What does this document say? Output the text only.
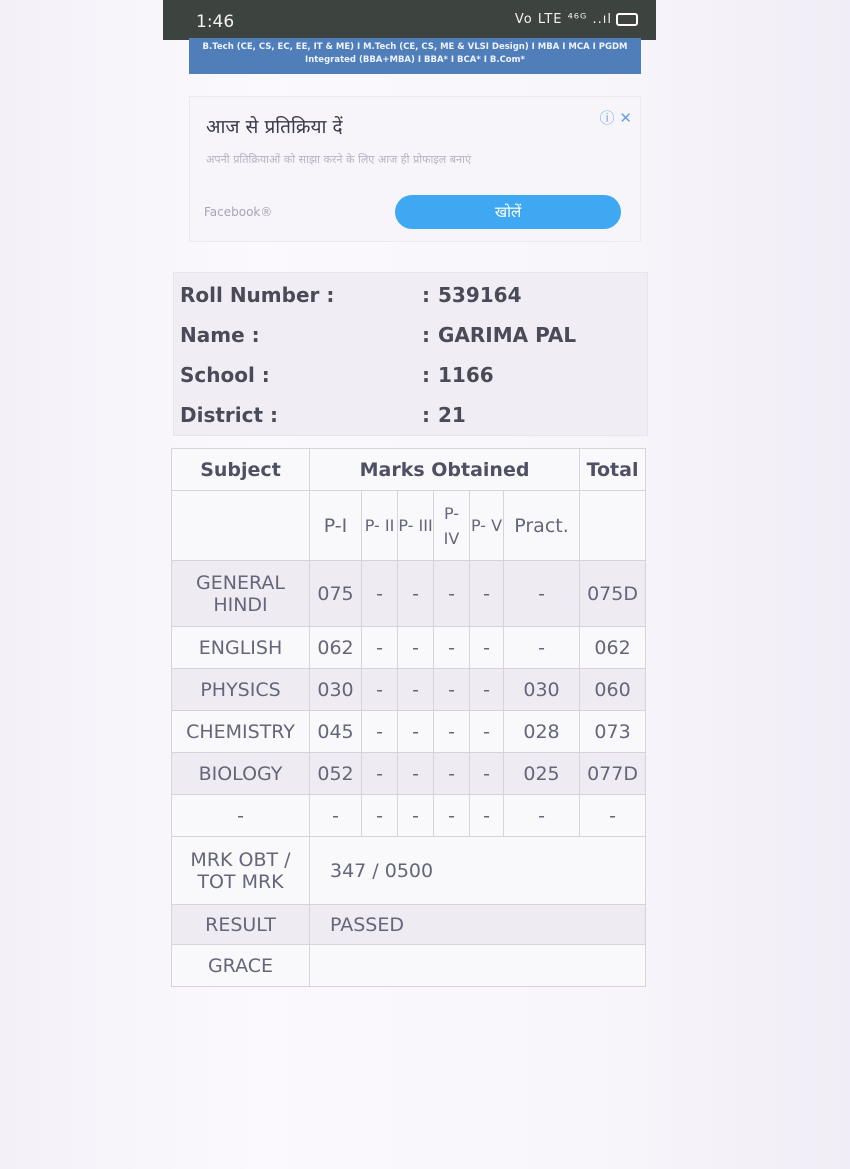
1:46	Vo LTE ⁴⁶ᴳ ..ıl
B.Tech (CE, CS, EC, EE, IT & ME) I M.Tech (CE, CS, ME & VLSI Design) I MBA I MCA I PGDM
Integrated (BBA+MBA) I BBA* I BCA* I B.Com*
आज से प्रतिक्रिया दें	ⓘ ✕
अपनी प्रतिक्रियाओं को साझा करने के लिए आज ही प्रोफाइल बनाएं
Facebook®	खोलें
Roll Number :	: 539164
Name :	: GARIMA PAL
School :	: 1166
District :	: 21
Subject	Marks Obtained						Total
	P-I	P- II	P- III	P- IV	P- V	Pract.	
GENERAL HINDI	075	-	-	-	-	-	075D
ENGLISH	062	-	-	-	-	-	062
PHYSICS	030	-	-	-	-	030	060
CHEMISTRY	045	-	-	-	-	028	073
BIOLOGY	052	-	-	-	-	025	077D
-	-	-	-	-	-	-	-
MRK OBT / TOT MRK	347 / 0500						
RESULT	PASSED						
GRACE							
